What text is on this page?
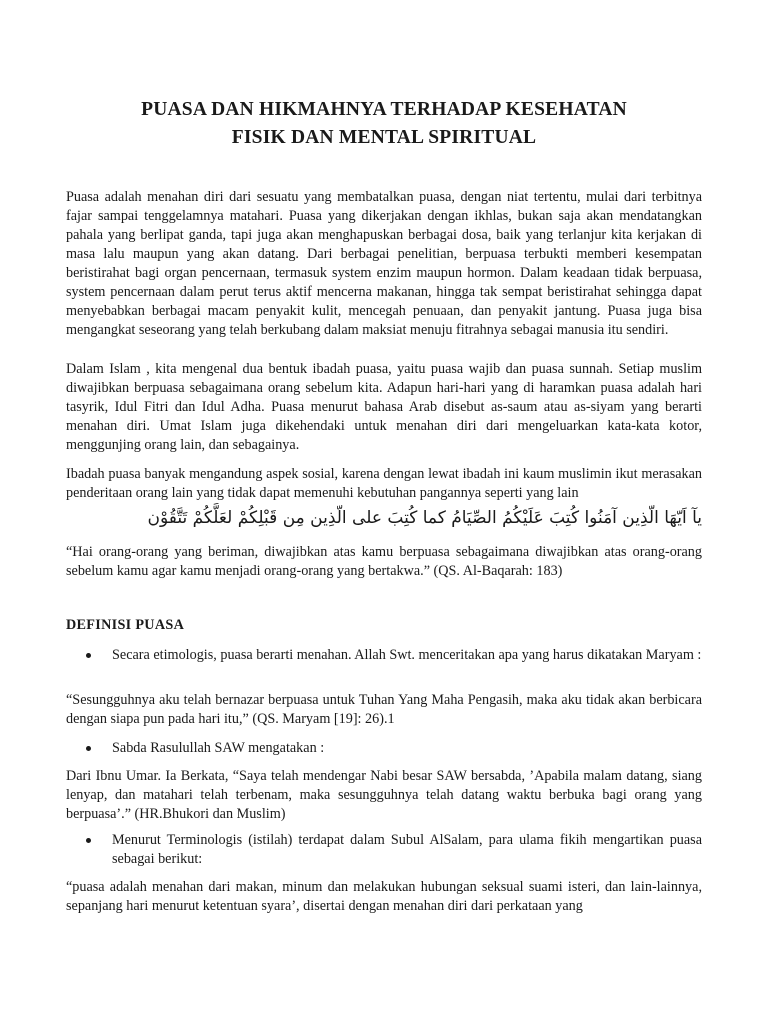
PUASA DAN HIKMAHNYA TERHADAP KESEHATAN
FISIK DAN MENTAL SPIRITUAL

Puasa adalah menahan diri dari sesuatu yang membatalkan puasa, dengan niat tertentu, mulai dari terbitnya fajar sampai tenggelamnya matahari. Puasa yang dikerjakan dengan ikhlas, bukan saja akan mendatangkan pahala yang berlipat ganda, tapi juga akan menghapuskan berbagai dosa, baik yang terlanjur kita kerjakan di masa lalu maupun yang akan datang. Dari berbagai penelitian, berpuasa terbukti memberi kesempatan beristirahat bagi organ pencernaan, termasuk system enzim maupun hormon. Dalam keadaan tidak berpuasa, system pencernaan dalam perut terus aktif mencerna makanan, hingga tak sempat beristirahat sehingga dapat menyebabkan berbagai macam penyakit kulit, mencegah penuaan, dan penyakit jantung. Puasa juga bisa mengangkat seseorang yang telah berkubang dalam maksiat menuju fitrahnya sebagai manusia itu sendiri.

Dalam Islam , kita mengenal dua bentuk ibadah puasa, yaitu puasa wajib dan puasa sunnah. Setiap muslim diwajibkan berpuasa sebagaimana orang sebelum kita. Adapun hari-hari yang di haramkan puasa adalah hari tasyrik, Idul Fitri dan Idul Adha. Puasa menurut bahasa Arab disebut as-saum atau as-siyam yang berarti menahan diri. Umat Islam juga dikehendaki untuk menahan diri dari mengeluarkan kata-kata kotor, menggunjing orang lain, dan sebagainya.

Ibadah puasa banyak mengandung aspek sosial, karena dengan lewat ibadah ini kaum muslimin ikut merasakan penderitaan orang lain yang tidak dapat memenuhi kebutuhan pangannya seperti yang lain

يآ اَيّهَا الّذِين آمَنُوا كُتِبَ عَلَيْكُمُ الصِّيَامُ كما كُتِبَ على الّذِين مِن قَبْلِكُمْ لعَلَّكُمْ تَتَّقُوْن

“Hai orang-orang yang beriman, diwajibkan atas kamu berpuasa sebagaimana diwajibkan atas orang-orang sebelum kamu agar kamu menjadi orang-orang yang bertakwa.” (QS. Al-Baqarah: 183)

DEFINISI PUASA
Secara etimologis, puasa berarti menahan. Allah Swt. menceritakan apa yang harus dikatakan Maryam :

“Sesungguhnya aku telah bernazar berpuasa untuk Tuhan Yang Maha Pengasih, maka aku tidak akan berbicara dengan siapa pun pada hari itu,” (QS. Maryam [19]: 26).1

Sabda Rasulullah SAW mengatakan :

Dari Ibnu Umar. Ia Berkata, “Saya telah mendengar Nabi besar SAW bersabda, ’Apabila malam datang, siang lenyap, dan matahari telah terbenam, maka sesungguhnya telah datang waktu berbuka bagi orang yang berpuasa’.” (HR.Bhukori dan Muslim)

Menurut Terminologis (istilah) terdapat dalam Subul AlSalam, para ulama fikih mengartikan puasa sebagai berikut:

“puasa adalah menahan dari makan, minum dan melakukan hubungan seksual suami isteri, dan lain-lainnya, sepanjang hari menurut ketentuan syara’, disertai dengan menahan diri dari perkataan yang
